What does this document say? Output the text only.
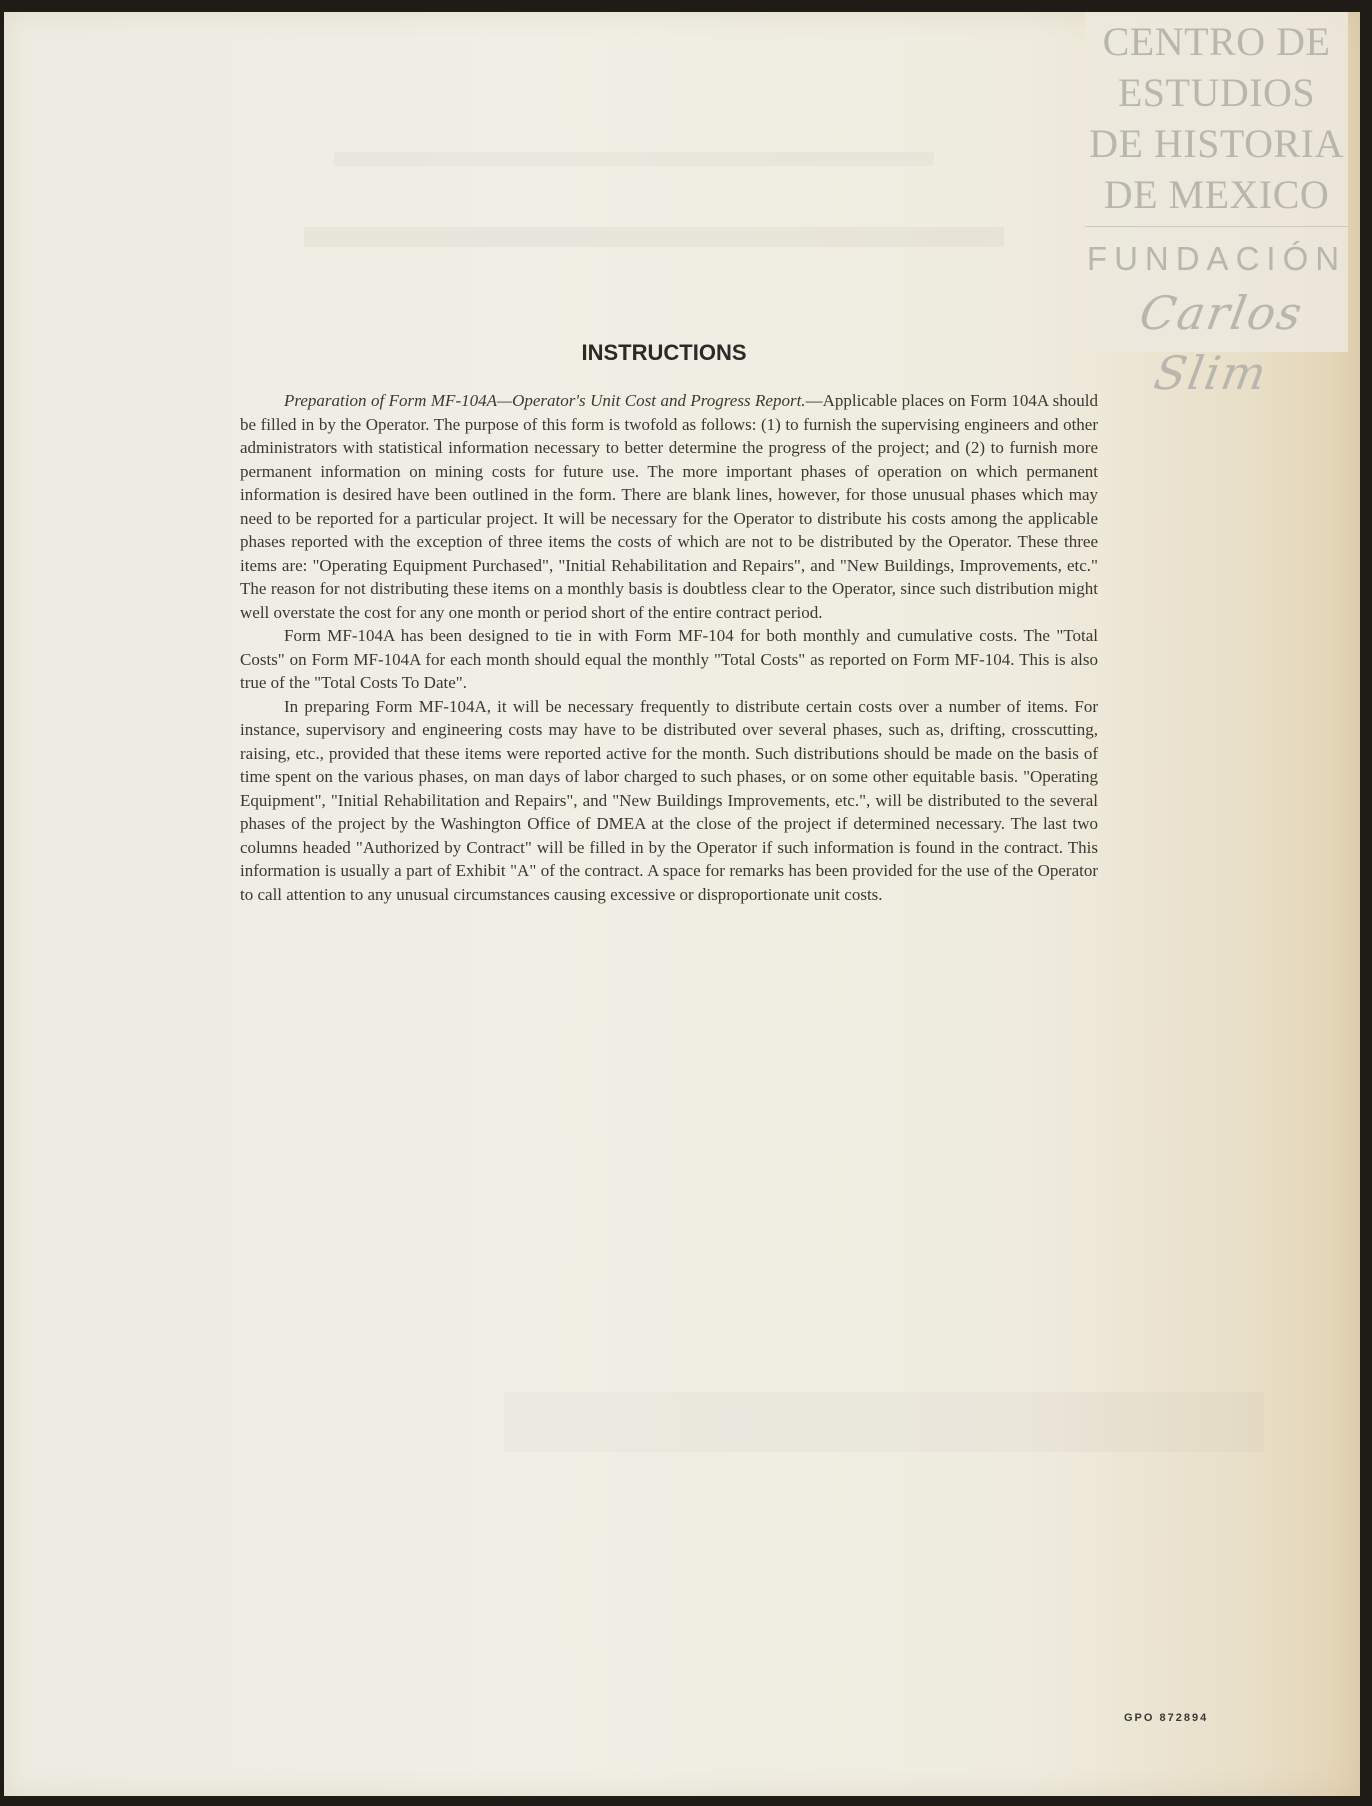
CENTRO DE
ESTUDIOS
DE HISTORIA
DE MEXICO
FUNDACIÓN
Carlos Slim
INSTRUCTIONS

Preparation of Form MF-104A—Operator's Unit Cost and Progress Report.—Applicable places on Form 104A should be filled in by the Operator. The purpose of this form is twofold as follows: (1) to furnish the supervising engineers and other administrators with statistical information necessary to better determine the progress of the project; and (2) to furnish more permanent information on mining costs for future use. The more important phases of operation on which permanent information is desired have been outlined in the form. There are blank lines, however, for those unusual phases which may need to be reported for a particular project. It will be necessary for the Operator to distribute his costs among the applicable phases reported with the exception of three items the costs of which are not to be distributed by the Operator. These three items are: "Operating Equipment Purchased", "Initial Rehabilitation and Repairs", and "New Buildings, Improvements, etc." The reason for not distributing these items on a monthly basis is doubtless clear to the Operator, since such distribution might well overstate the cost for any one month or period short of the entire contract period.

Form MF-104A has been designed to tie in with Form MF-104 for both monthly and cumulative costs. The "Total Costs" on Form MF-104A for each month should equal the monthly "Total Costs" as reported on Form MF-104. This is also true of the "Total Costs To Date".

In preparing Form MF-104A, it will be necessary frequently to distribute certain costs over a number of items. For instance, supervisory and engineering costs may have to be distributed over several phases, such as, drifting, crosscutting, raising, etc., provided that these items were reported active for the month. Such distributions should be made on the basis of time spent on the various phases, on man days of labor charged to such phases, or on some other equitable basis. "Operating Equipment", "Initial Rehabilitation and Repairs", and "New Buildings Improvements, etc.", will be distributed to the several phases of the project by the Washington Office of DMEA at the close of the project if determined necessary. The last two columns headed "Authorized by Contract" will be filled in by the Operator if such information is found in the contract. This information is usually a part of Exhibit "A" of the contract. A space for remarks has been provided for the use of the Operator to call attention to any unusual circumstances causing excessive or disproportionate unit costs.

GPO 872894
